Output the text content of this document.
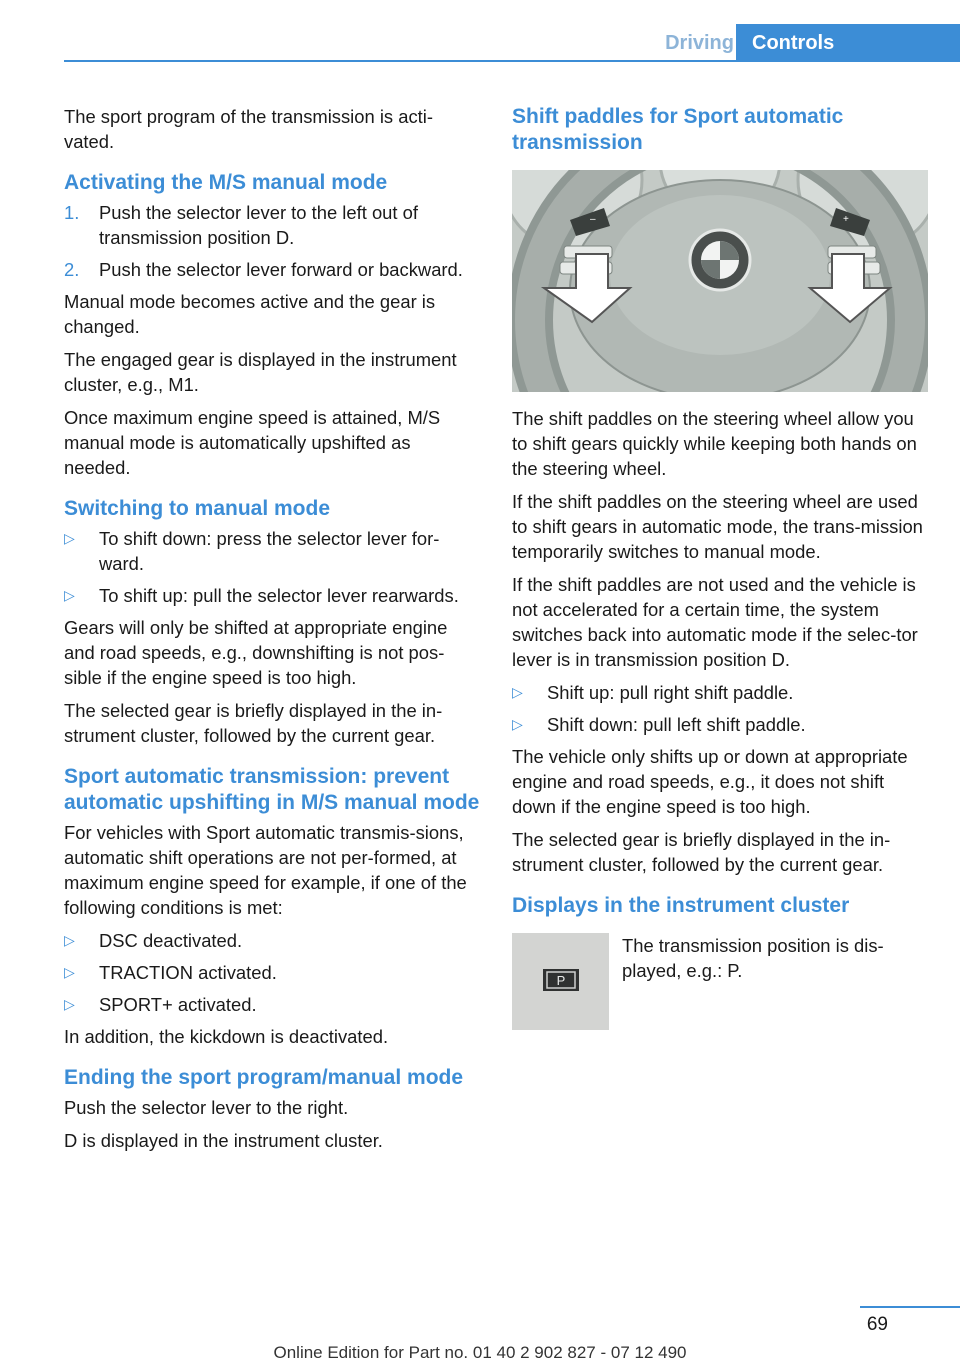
Driving Controls

The sport program of the transmission is acti‐vated.

Activating the M/S manual mode
1. Push the selector lever to the left out of transmission position D.
2. Push the selector lever forward or backward.

Manual mode becomes active and the gear is changed.

The engaged gear is displayed in the instrument cluster, e.g., M1.

Once maximum engine speed is attained, M/S manual mode is automatically upshifted as needed.

Switching to manual mode
▷ To shift down: press the selector lever for‐ward.
▷ To shift up: pull the selector lever rearwards.

Gears will only be shifted at appropriate engine and road speeds, e.g., downshifting is not pos‐sible if the engine speed is too high.

The selected gear is briefly displayed in the in‐strument cluster, followed by the current gear.

Sport automatic transmission: prevent automatic upshifting in M/S manual mode

For vehicles with Sport automatic transmis‐sions, automatic shift operations are not per‐formed, at maximum engine speed for example, if one of the following conditions is met:

▷ DSC deactivated.
▷ TRACTION activated.
▷ SPORT+ activated.

In addition, the kickdown is deactivated.

Ending the sport program/manual mode

Push the selector lever to the right.

D is displayed in the instrument cluster.

Shift paddles for Sport automatic transmission
–	+

The shift paddles on the steering wheel allow you to shift gears quickly while keeping both hands on the steering wheel.

If the shift paddles on the steering wheel are used to shift gears in automatic mode, the trans‐mission temporarily switches to manual mode.

If the shift paddles are not used and the vehicle is not accelerated for a certain time, the system switches back into automatic mode if the selec‐tor lever is in transmission position D.

▷ Shift up: pull right shift paddle.
▷ Shift down: pull left shift paddle.

The vehicle only shifts up or down at appropriate engine and road speeds, e.g., it does not shift down if the engine speed is too high.

The selected gear is briefly displayed in the in‐strument cluster, followed by the current gear.

Displays in the instrument cluster
P

The transmission position is dis‐played, e.g.: P.

69
Online Edition for Part no. 01 40 2 902 827 - 07 12 490
